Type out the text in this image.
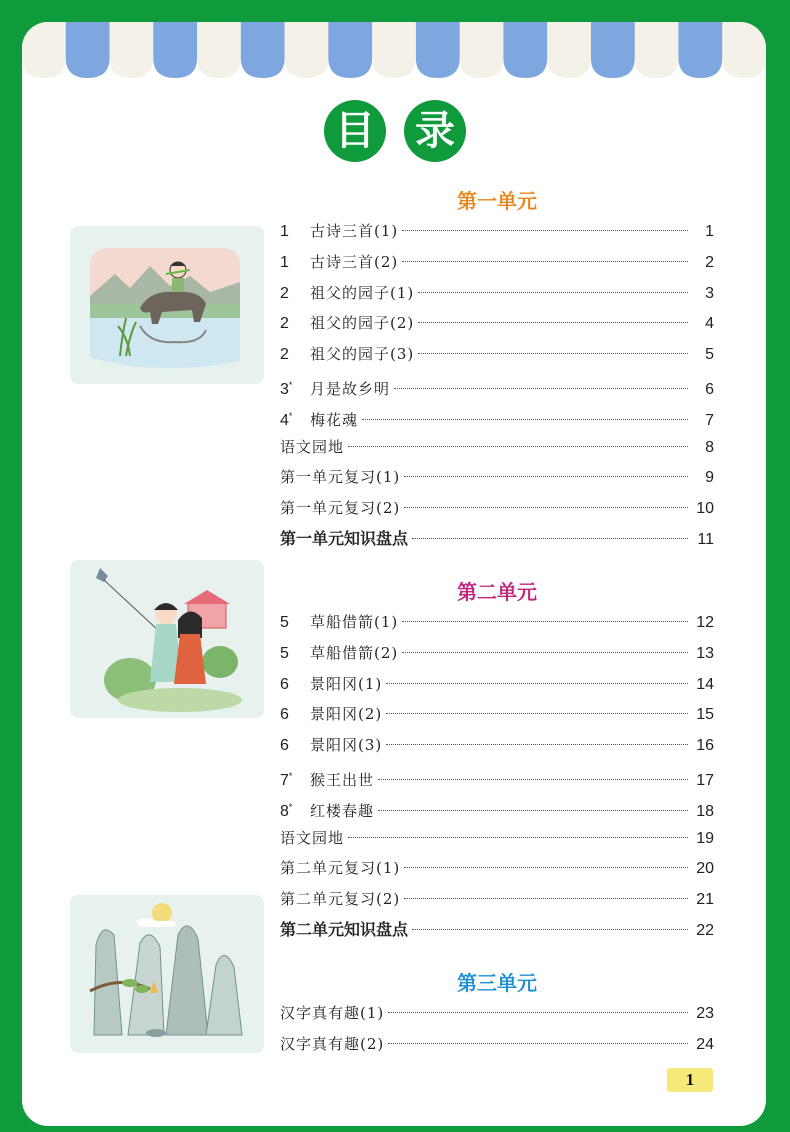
目 录
第一单元
1	古诗三首(1)	1
1	古诗三首(2)	2
2	祖父的园子(1)	3
2	祖父的园子(2)	4
2	祖父的园子(3)	5
3*	月是故乡明	6
4*	梅花魂	7
语文园地	8
第一单元复习(1)	9
第一单元复习(2)	10
第一单元知识盘点	11
第二单元
5	草船借箭(1)	12
5	草船借箭(2)	13
6	景阳冈(1)	14
6	景阳冈(2)	15
6	景阳冈(3)	16
7*	猴王出世	17
8*	红楼春趣	18
语文园地	19
第二单元复习(1)	20
第二单元复习(2)	21
第二单元知识盘点	22
第三单元
汉字真有趣(1)	23
汉字真有趣(2)	24
1
